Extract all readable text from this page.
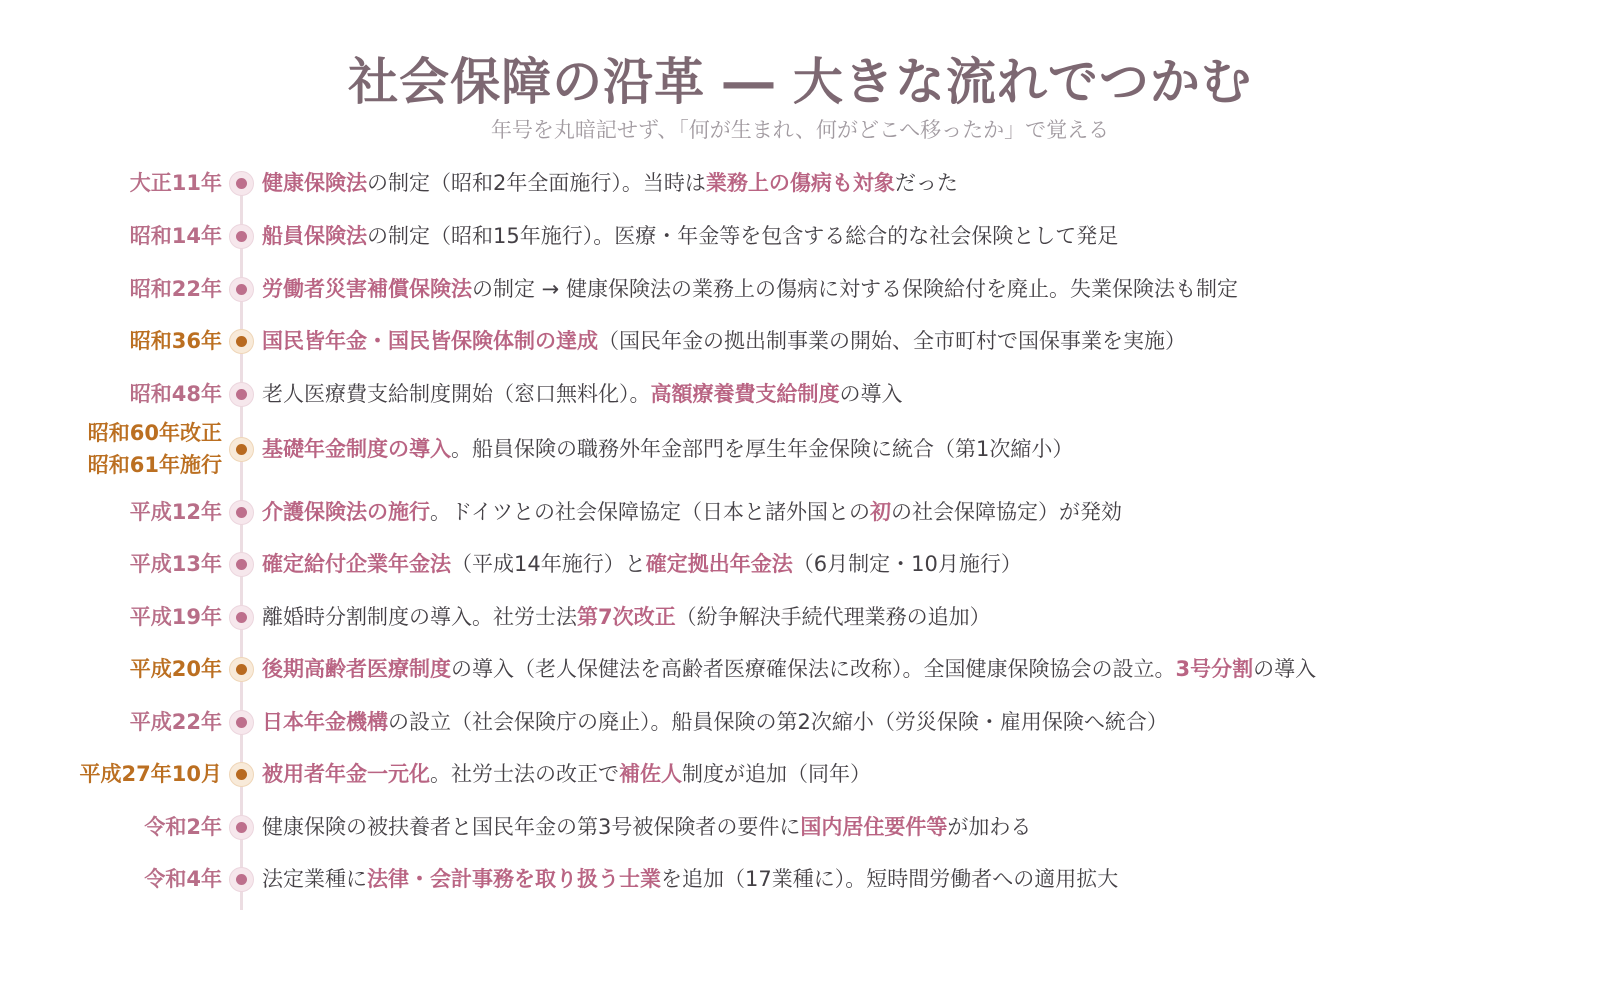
社会保障の沿革 ― 大きな流れでつかむ
年号を丸暗記せず、「何が生まれ、何がどこへ移ったか」で覚える
大正11年 健康保険法の制定（昭和2年全面施行）。当時は業務上の傷病も対象だった
昭和14年 船員保険法の制定（昭和15年施行）。医療・年金等を包含する総合的な社会保険として発足
昭和22年 労働者災害補償保険法の制定 → 健康保険法の業務上の傷病に対する保険給付を廃止。失業保険法も制定
昭和36年 国民皆年金・国民皆保険体制の達成（国民年金の拠出制事業の開始、全市町村で国保事業を実施）
昭和48年 老人医療費支給制度開始（窓口無料化）。高額療養費支給制度の導入
昭和60年改正
昭和61年施行
基礎年金制度の導入。船員保険の職務外年金部門を厚生年金保険に統合（第1次縮小）
平成12年 介護保険法の施行。ドイツとの社会保障協定（日本と諸外国との初の社会保障協定）が発効
平成13年 確定給付企業年金法（平成14年施行）と確定拠出年金法（6月制定・10月施行）
平成19年 離婚時分割制度の導入。社労士法第7次改正（紛争解決手続代理業務の追加）
平成20年 後期高齢者医療制度の導入（老人保健法を高齢者医療確保法に改称）。全国健康保険協会の設立。3号分割の導入
平成22年 日本年金機構の設立（社会保険庁の廃止）。船員保険の第2次縮小（労災保険・雇用保険へ統合）
平成27年10月 被用者年金一元化。社労士法の改正で補佐人制度が追加（同年）
令和2年 健康保険の被扶養者と国民年金の第3号被保険者の要件に国内居住要件等が加わる
令和4年 法定業種に法律・会計事務を取り扱う士業を追加（17業種に）。短時間労働者への適用拡大
